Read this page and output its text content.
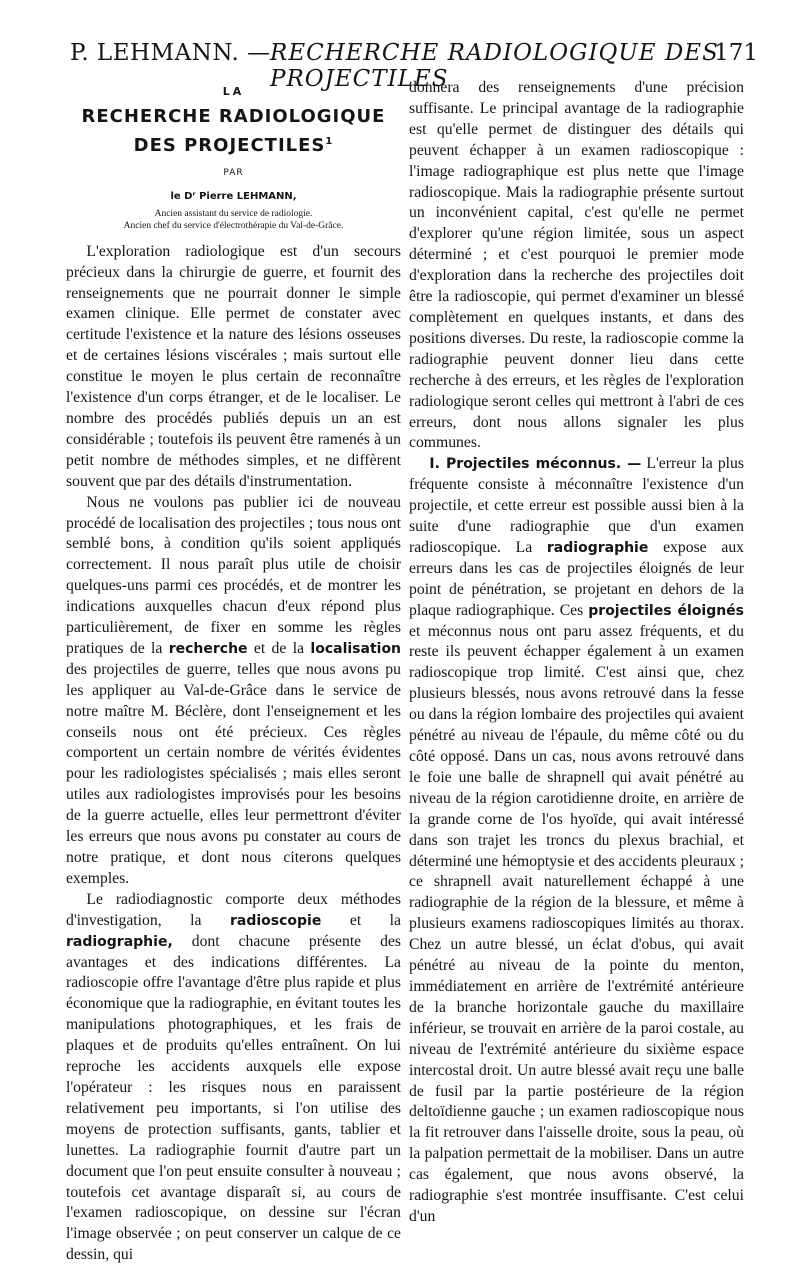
P. LEHMANN. — RECHERCHE RADIOLOGIQUE DES PROJECTILES
171
LA
RECHERCHE RADIOLOGIQUE
DES PROJECTILES$^1$
PAR
le Dʳ Pierre LEHMANN,
Ancien assistant du service de radiologie.
Ancien chef du service d'électrothérapie du Val-de-Grâce.

L'exploration radiologique est d'un secours précieux dans la chirurgie de guerre, et fournit des renseignements que ne pourrait donner le simple examen clinique. Elle permet de constater avec certitude l'existence et la nature des lésions osseuses et de certaines lésions viscérales ; mais surtout elle constitue le moyen le plus certain de reconnaître l'existence d'un corps étranger, et de le localiser. Le nombre des procédés publiés depuis un an est considérable ; toutefois ils peuvent être ramenés à un petit nombre de méthodes simples, et ne diffèrent souvent que par des détails d'instrumentation.

Nous ne voulons pas publier ici de nouveau procédé de localisation des projectiles ; tous nous ont semblé bons, à condition qu'ils soient appliqués correctement. Il nous paraît plus utile de choisir quelques-uns parmi ces procédés, et de montrer les indications auxquelles chacun d'eux répond plus particulièrement, de fixer en somme les règles pratiques de la recherche et de la localisation des projectiles de guerre, telles que nous avons pu les appliquer au Val-de-Grâce dans le service de notre maître M. Béclère, dont l'enseignement et les conseils nous ont été précieux. Ces règles comportent un certain nombre de vérités évidentes pour les radiologistes spécialisés ; mais elles seront utiles aux radiologistes improvisés pour les besoins de la guerre actuelle, elles leur permettront d'éviter les erreurs que nous avons pu constater au cours de notre pratique, et dont nous citerons quelques exemples.

Le radiodiagnostic comporte deux méthodes d'investigation, la radioscopie et la radiographie, dont chacune présente des avantages et des indications différentes. La radioscopie offre l'avantage d'être plus rapide et plus économique que la radiographie, en évitant toutes les manipulations photographiques, et les frais de plaques et de produits qu'elles entraînent. On lui reproche les accidents auxquels elle expose l'opérateur : les risques nous en paraissent relativement peu importants, si l'on utilise des moyens de protection suffisants, gants, tablier et lunettes. La radiographie fournit d'autre part un document que l'on peut ensuite consulter à nouveau ; toutefois cet avantage disparaît si, au cours de l'examen radioscopique, on dessine sur l'écran l'image observée ; on peut conserver un calque de ce dessin, qui

donnera des renseignements d'une précision suffisante. Le principal avantage de la radiographie est qu'elle permet de distinguer des détails qui peuvent échapper à un examen radioscopique : l'image radiographique est plus nette que l'image radioscopique. Mais la radiographie présente surtout un inconvénient capital, c'est qu'elle ne permet d'explorer qu'une région limitée, sous un aspect déterminé ; et c'est pourquoi le premier mode d'exploration dans la recherche des projectiles doit être la radioscopie, qui permet d'examiner un blessé complètement en quelques instants, et dans des positions diverses. Du reste, la radioscopie comme la radiographie peuvent donner lieu dans cette recherche à des erreurs, et les règles de l'exploration radiologique seront celles qui mettront à l'abri de ces erreurs, dont nous allons signaler les plus communes.

I. Projectiles méconnus. — L'erreur la plus fréquente consiste à méconnaître l'existence d'un projectile, et cette erreur est possible aussi bien à la suite d'une radiographie que d'un examen radioscopique. La radiographie expose aux erreurs dans les cas de projectiles éloignés de leur point de pénétration, se projetant en dehors de la plaque radiographique. Ces projectiles éloignés et méconnus nous ont paru assez fréquents, et du reste ils peuvent échapper également à un examen radioscopique trop limité. C'est ainsi que, chez plusieurs blessés, nous avons retrouvé dans la fesse ou dans la région lombaire des projectiles qui avaient pénétré au niveau de l'épaule, du même côté ou du côté opposé. Dans un cas, nous avons retrouvé dans le foie une balle de shrapnell qui avait pénétré au niveau de la région carotidienne droite, en arrière de la grande corne de l'os hyoïde, qui avait intéressé dans son trajet les troncs du plexus brachial, et déterminé une hémoptysie et des accidents pleuraux ; ce shrapnell avait naturellement échappé à une radiographie de la région de la blessure, et même à plusieurs examens radioscopiques limités au thorax. Chez un autre blessé, un éclat d'obus, qui avait pénétré au niveau de la pointe du menton, immédiatement en arrière de l'extrémité antérieure de la branche horizontale gauche du maxillaire inférieur, se trouvait en arrière de la paroi costale, au niveau de l'extrémité antérieure du sixième espace intercostal droit. Un autre blessé avait reçu une balle de fusil par la partie postérieure de la région deltoïdienne gauche ; un examen radioscopique nous la fit retrouver dans l'aisselle droite, sous la peau, où la palpation permettait de la mobiliser. Dans un autre cas également, que nous avons observé, la radiographie s'est montrée insuffisante. C'est celui d'un
